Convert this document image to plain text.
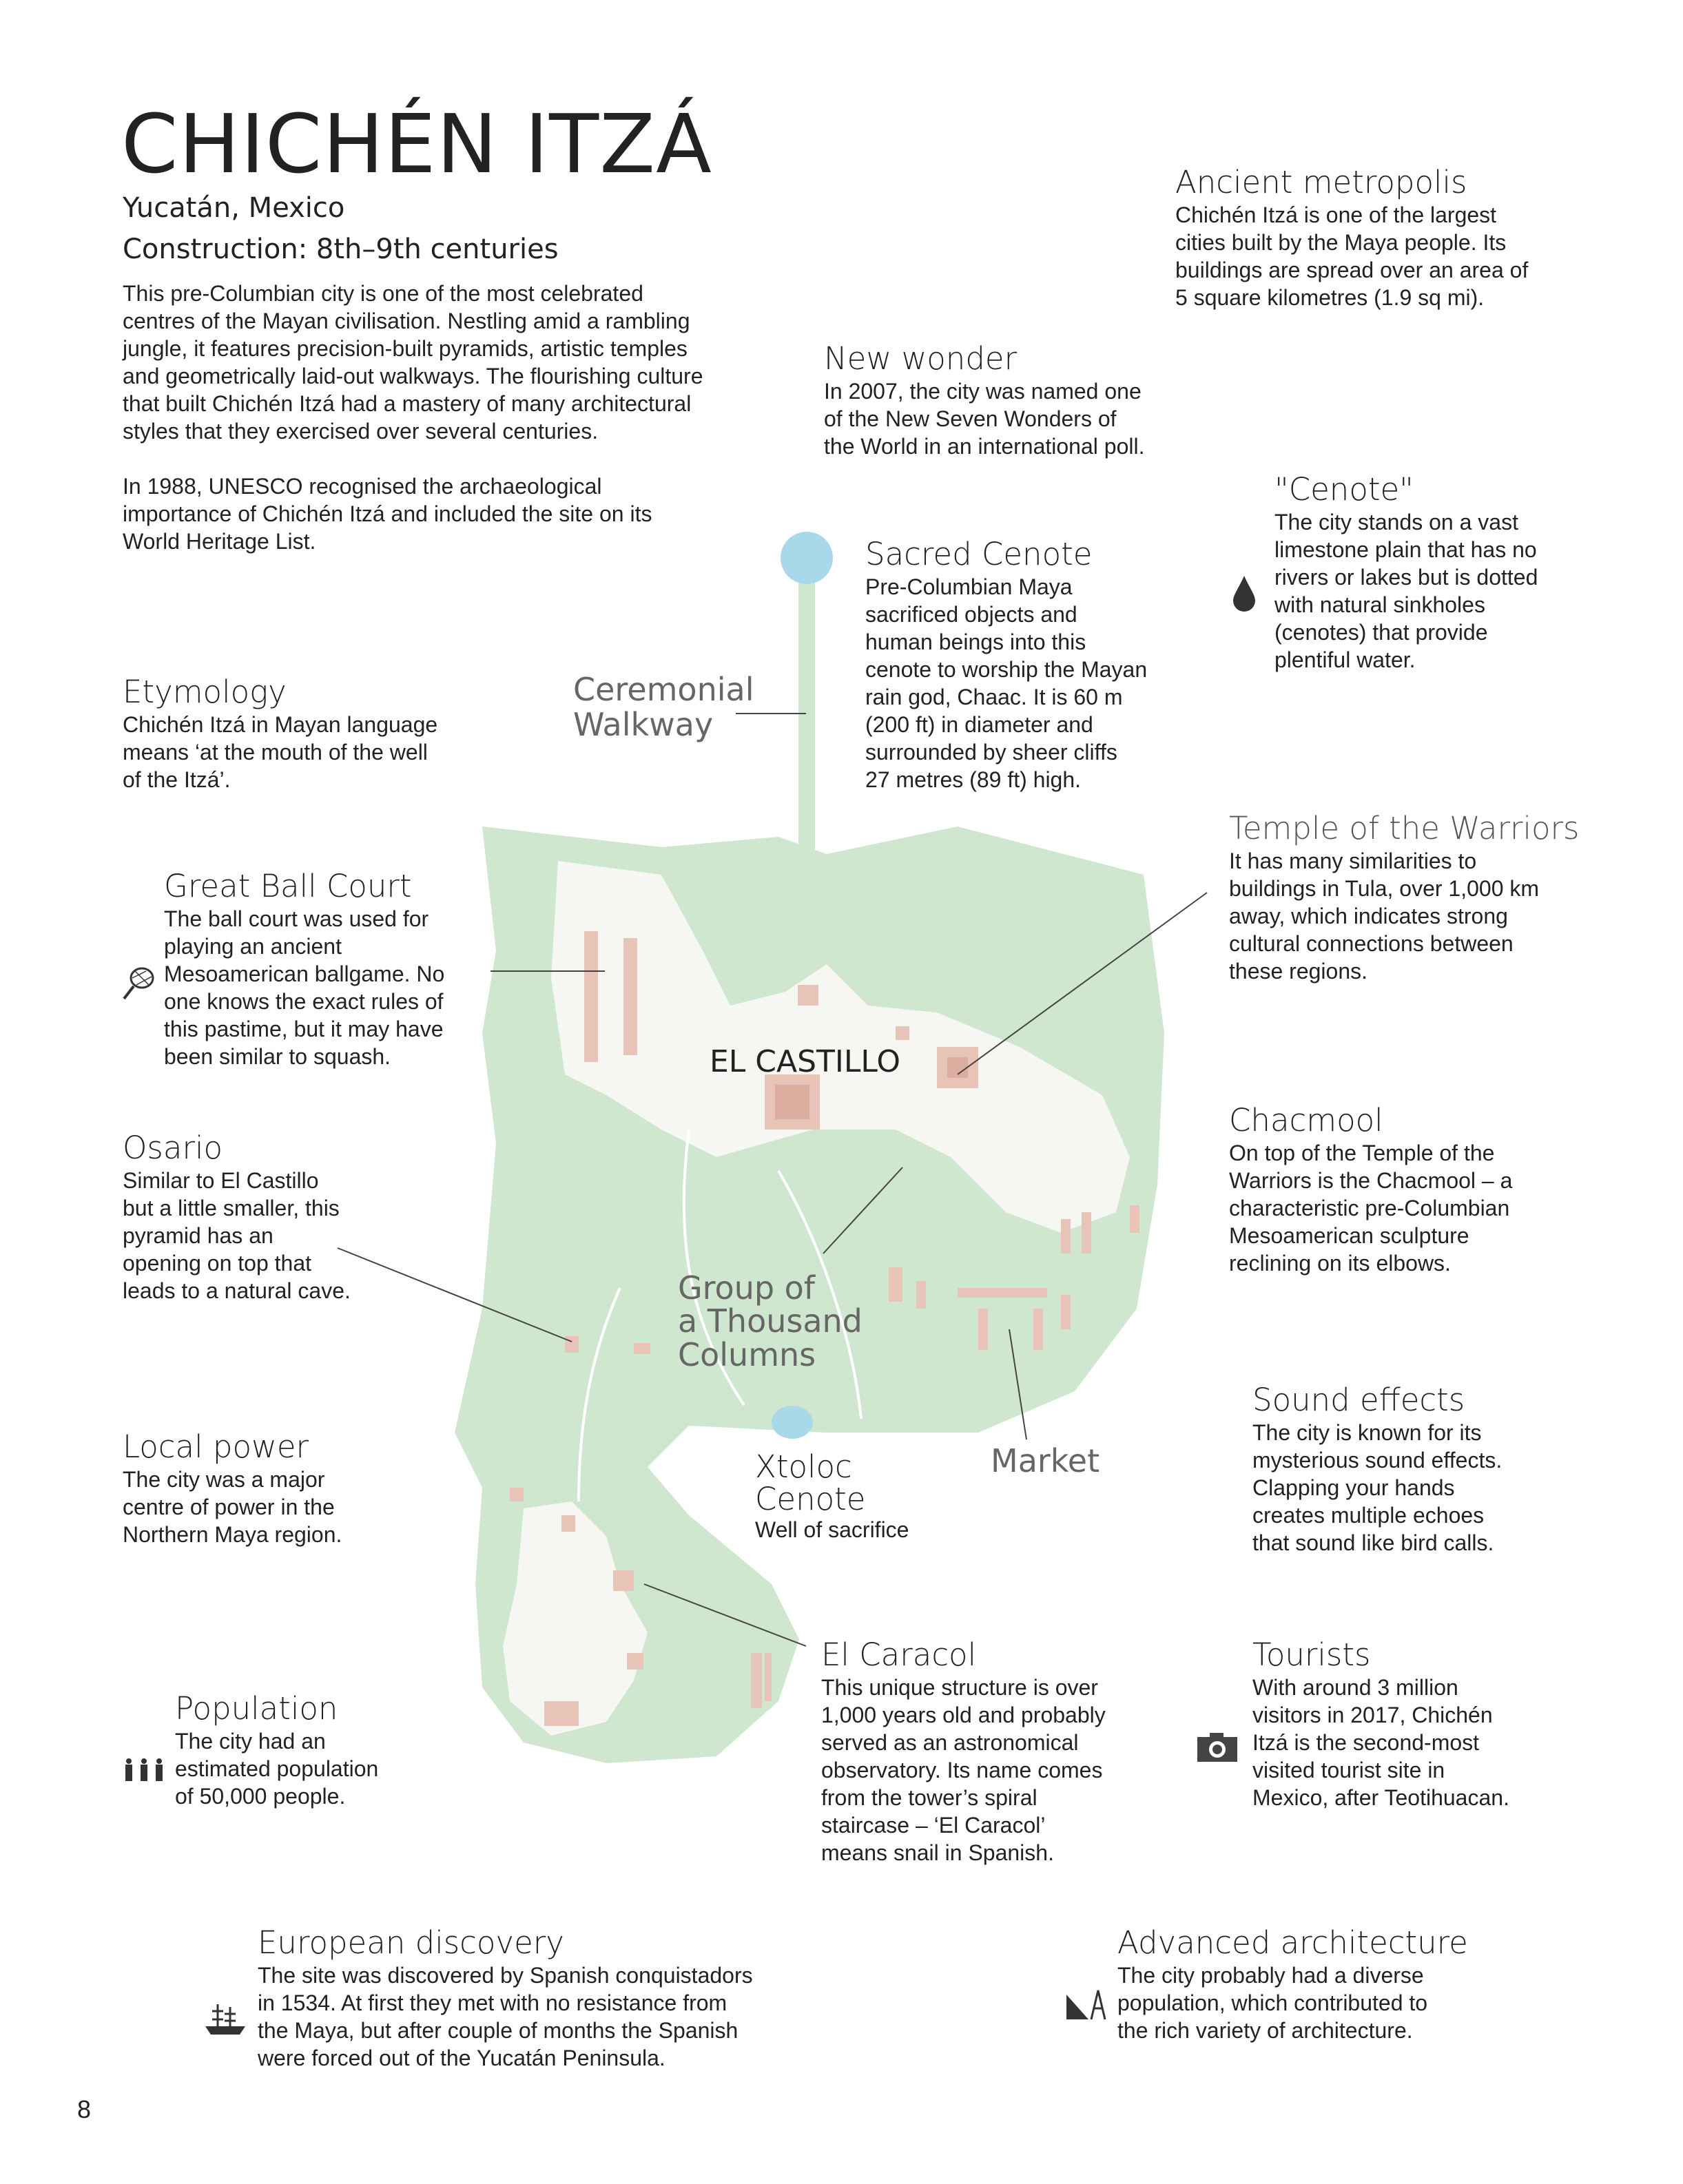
CHICHÉN ITZÁ
Yucatán, Mexico
Construction: 8th–9th centuries
This pre-Columbian city is one of the most celebrated
centres of the Mayan civilisation. Nestling amid a rambling
jungle, it features precision-built pyramids, artistic temples
and geometrically laid-out walkways. The flourishing culture
that built Chichén Itzá had a mastery of many architectural
styles that they exercised over several centuries.
In 1988, UNESCO recognised the archaeological
importance of Chichén Itzá and included the site on its
World Heritage List.
Ancient metropolis
Chichén Itzá is one of the largest
cities built by the Maya people. Its
buildings are spread over an area of
5 square kilometres (1.9 sq mi).
New wonder
In 2007, the city was named one
of the New Seven Wonders of
the World in an international poll.
"Cenote"
The city stands on a vast
limestone plain that has no
rivers or lakes but is dotted
with natural sinkholes
(cenotes) that provide
plentiful water.
Sacred Cenote
Pre-Columbian Maya
sacrificed objects and
human beings into this
cenote to worship the Mayan
rain god, Chaac. It is 60 m
(200 ft) in diameter and
surrounded by sheer cliffs
27 metres (89 ft) high.
Etymology
Chichén Itzá in Mayan language
means ‘at the mouth of the well
of the Itzá’.
Ceremonial
Walkway
Temple of the Warriors
It has many similarities to
buildings in Tula, over 1,000 km
away, which indicates strong
cultural connections between
these regions.
Great Ball Court
The ball court was used for
playing an ancient
Mesoamerican ballgame. No
one knows the exact rules of
this pastime, but it may have
been similar to squash.	EL CASTILLO
Chacmool
On top of the Temple of the
Warriors is the Chacmool – a
characteristic pre-Columbian
Mesoamerican sculpture
reclining on its elbows.
Osario
Similar to El Castillo
but a little smaller, this
pyramid has an
opening on top that
leads to a natural cave.	Group of
a Thousand
Columns
Sound effects
The city is known for its
mysterious sound effects.
Clapping your hands
creates multiple echoes
that sound like bird calls.
Local power
The city was a major
centre of power in the
Northern Maya region.
Xtoloc
Cenote
Well of sacrifice
Market
El Caracol
This unique structure is over
1,000 years old and probably
served as an astronomical
observatory. Its name comes
from the tower’s spiral
staircase – ‘El Caracol’
means snail in Spanish.
Tourists
With around 3 million
visitors in 2017, Chichén
Itzá is the second-most
visited tourist site in
Mexico, after Teotihuacan.
Population
The city had an
estimated population
of 50,000 people.
European discovery
The site was discovered by Spanish conquistadors
in 1534. At first they met with no resistance from
the Maya, but after couple of months the Spanish
were forced out of the Yucatán Peninsula.
Advanced architecture
The city probably had a diverse
population, which contributed to
the rich variety of architecture.
8
